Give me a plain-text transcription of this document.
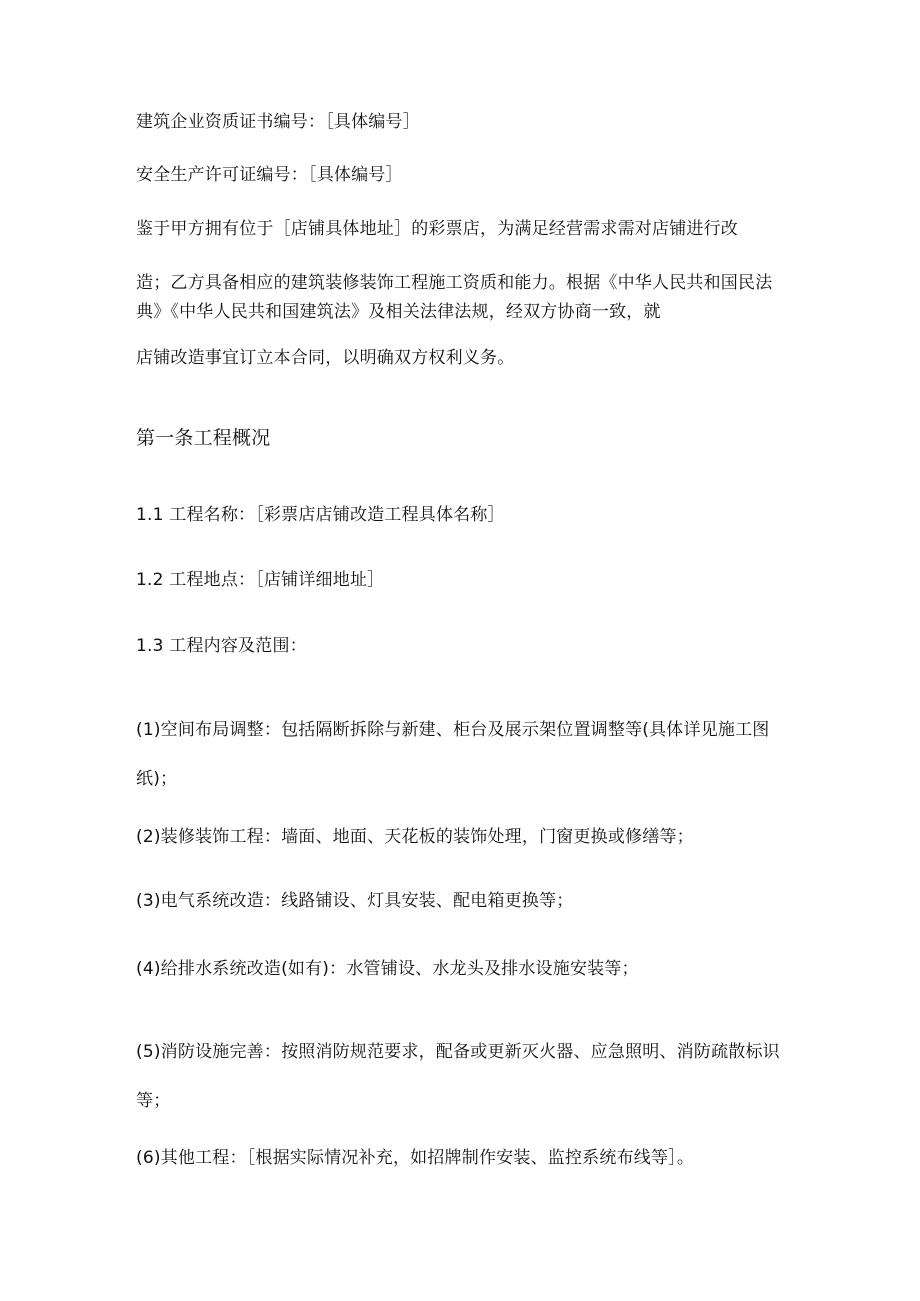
建筑企业资质证书编号：［具体编号］
安全生产许可证编号：［具体编号］
鉴于甲方拥有位于［店铺具体地址］的彩票店，为满足经营需求需对店铺进行改
造；乙方具备相应的建筑装修装饰工程施工资质和能力。根据《中华人民共和国民法
典》《中华人民共和国建筑法》及相关法律法规，经双方协商一致，就
店铺改造事宜订立本合同，以明确双方权利义务。
第一条工程概况
1.1 工程名称：［彩票店店铺改造工程具体名称］
1.2 工程地点：［店铺详细地址］
1.3 工程内容及范围：
(1)空间布局调整：包括隔断拆除与新建、柜台及展示架位置调整等(具体详见施工图
纸)；
(2)装修装饰工程：墙面、地面、天花板的装饰处理，门窗更换或修缮等；
(3)电气系统改造：线路铺设、灯具安装、配电箱更换等；
(4)给排水系统改造(如有)：水管铺设、水龙头及排水设施安装等；
(5)消防设施完善：按照消防规范要求，配备或更新灭火器、应急照明、消防疏散标识
等；
(6)其他工程：［根据实际情况补充，如招牌制作安装、监控系统布线等］。
